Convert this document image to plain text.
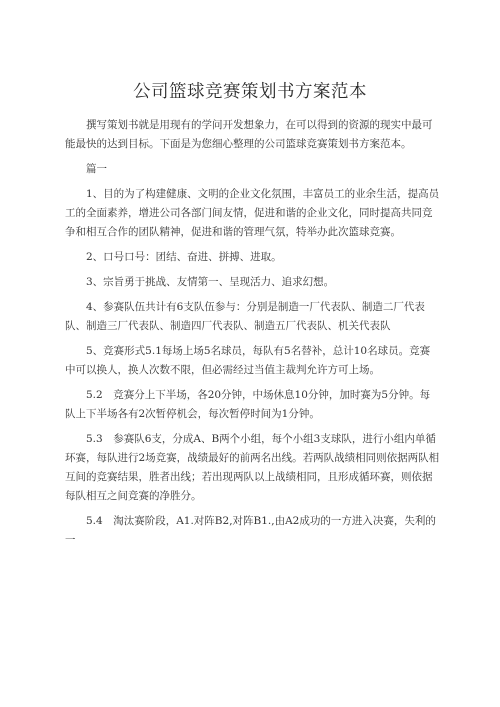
公司篮球竞赛策划书方案范本

撰写策划书就是用现有的学问开发想象力，在可以得到的资源的现实中最可能最快的达到目标。下面是为您细心整理的公司篮球竞赛策划书方案范本。

篇一

1、目的为了构建健康、文明的企业文化氛围，丰富员工的业余生活，提高员工的全面素养，增进公司各部门间友情，促进和谐的企业文化，同时提高共同竞争和相互合作的团队精神，促进和谐的管理气氛，特举办此次篮球竞赛。

2、口号口号：团结、奋进、拼搏、进取。

3、宗旨勇于挑战、友情第一、呈现活力、追求幻想。

4、参赛队伍共计有6支队伍参与：分别是制造一厂代表队、制造二厂代表队、制造三厂代表队、制造四厂代表队、制造五厂代表队、机关代表队

5、竞赛形式5.1每场上场5名球员，每队有5名替补，总计10名球员。竞赛中可以换人，换人次数不限，但必需经过当值主裁判允许方可上场。

5.2　竞赛分上下半场，各20分钟，中场休息10分钟，加时赛为5分钟。每队上下半场各有2次暂停机会，每次暂停时间为1分钟。

5.3　参赛队6支，分成A、B两个小组，每个小组3支球队，进行小组内单循环赛，每队进行2场竞赛，战绩最好的前两名出线。若两队战绩相同则依据两队相互间的竞赛结果，胜者出线；若出现两队以上战绩相同，且形成循环赛，则依据每队相互之间竞赛的净胜分。

5.4　淘汰赛阶段，A1.对阵B2,对阵B1.,由A2成功的一方进入决赛，失利的一
